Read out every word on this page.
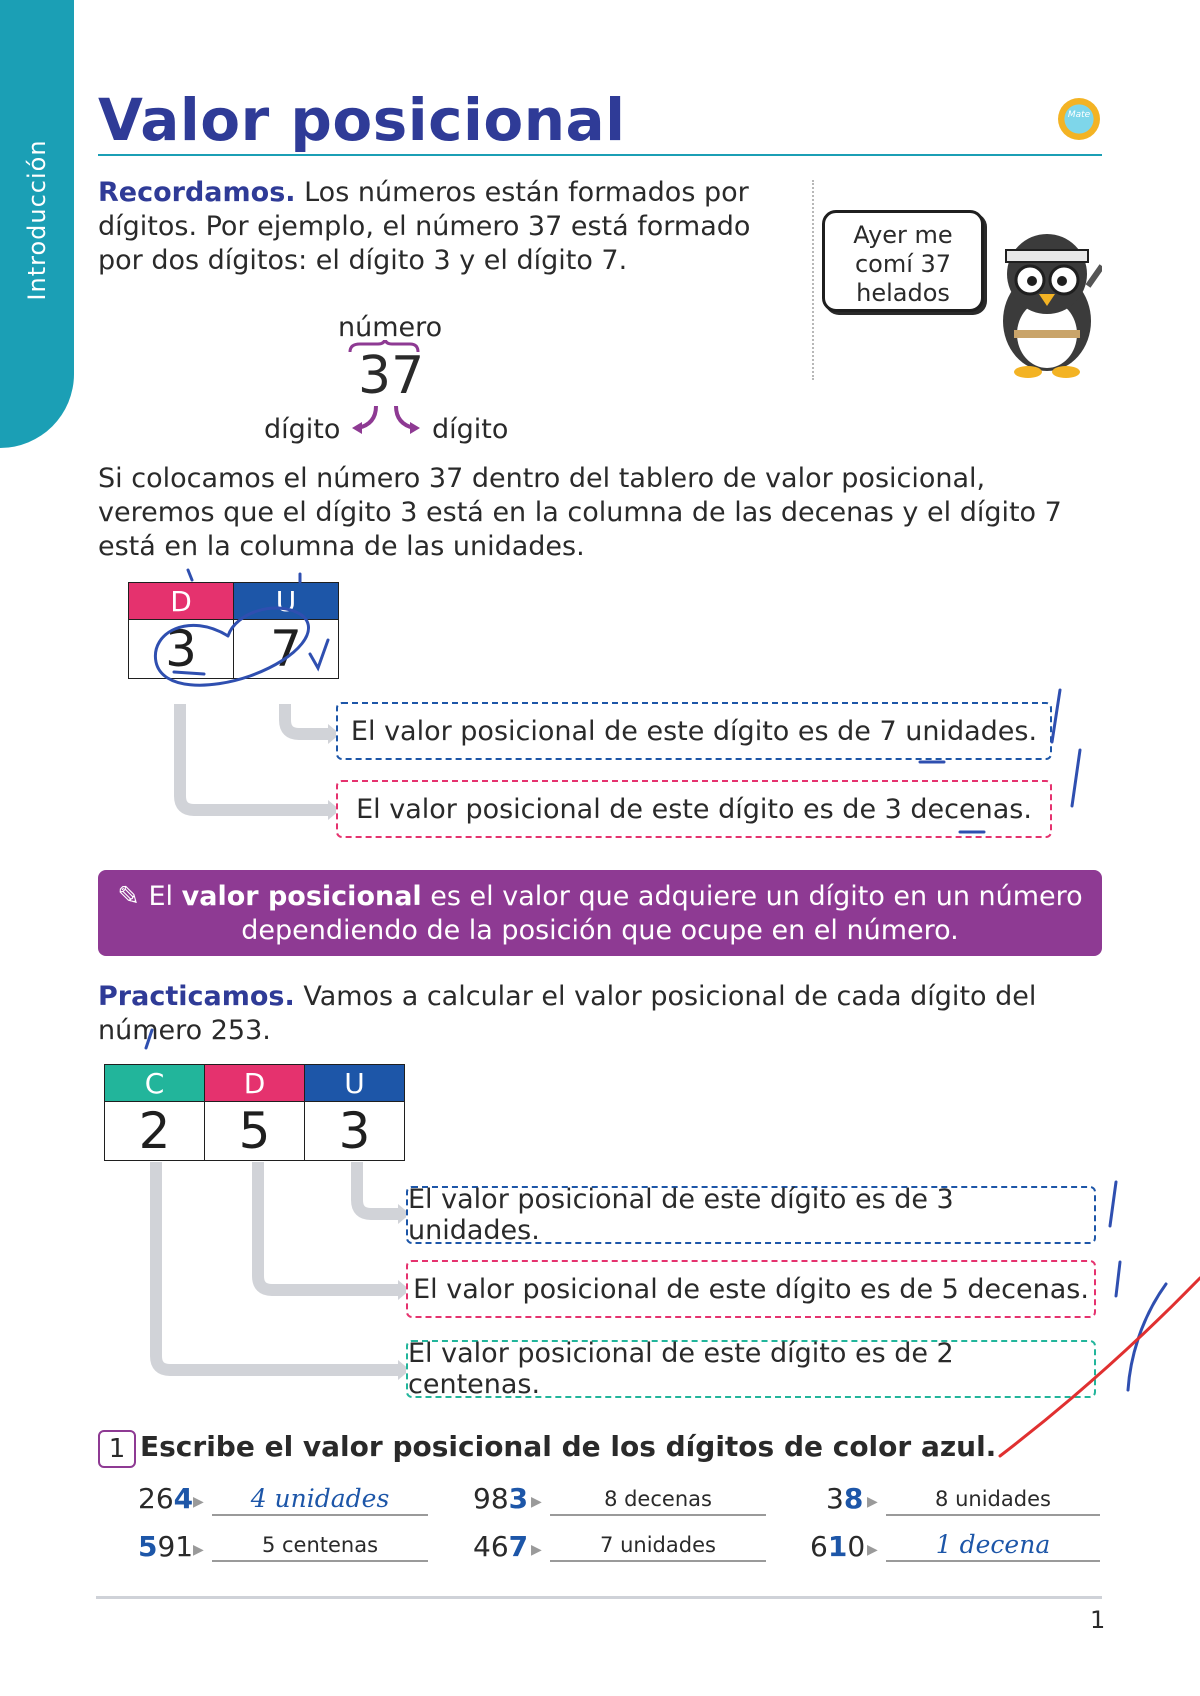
Introducción
Valor posicional	Mate
Recordamos. Los números están formados por dígitos. Por ejemplo, el número 37 está formado por dos dígitos: el dígito 3 y el dígito 7.
Ayer me comí 37 helados
número
37
dígito	dígito
Si colocamos el número 37 dentro del tablero de valor posicional, veremos que el dígito 3 está en la columna de las decenas y el dígito 7 está en la columna de las unidades.
D	U
3	7
El valor posicional de este dígito es de 7 unidades.
El valor posicional de este dígito es de 3 decenas.
✎ El valor posicional es el valor que adquiere un dígito en un número dependiendo de la posición que ocupe en el número.
Practicamos. Vamos a calcular el valor posicional de cada dígito del número 253.
C	D	U
2	5	3
El valor posicional de este dígito es de 3 unidades.
El valor posicional de este dígito es de 5 decenas.
El valor posicional de este dígito es de 2 centenas.
1 Escribe el valor posicional de los dígitos de color azul.
264 ▶	4 unidades	983 ▶	8 decenas	38 ▶	8 unidades
591 ▶	5 centenas	467 ▶	7 unidades	610 ▶	1 decena
1
